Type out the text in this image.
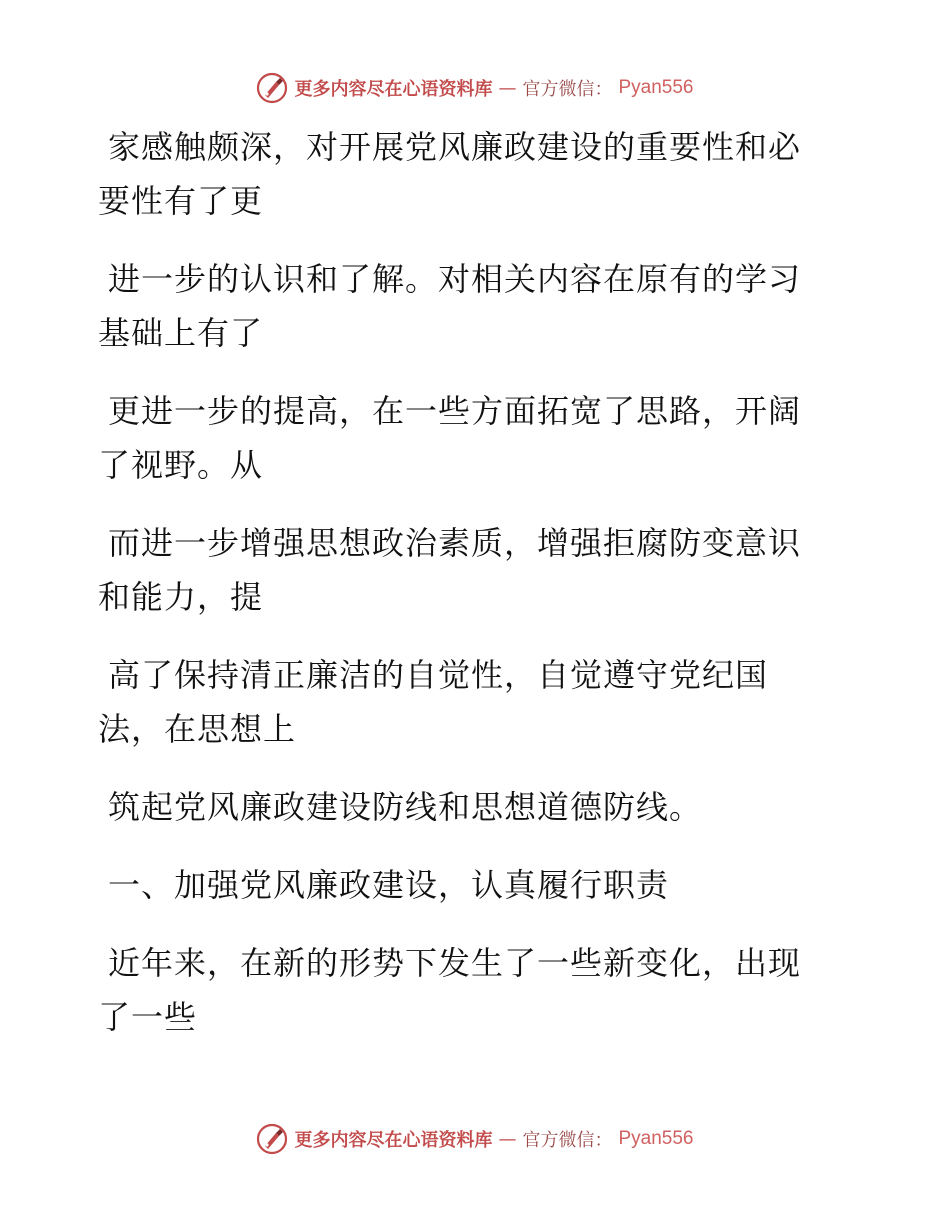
更多内容尽在心语资料库 — 官方微信： Pyan556
家感触颇深，对开展党风廉政建设的重要性和必
要性有了更
进一步的认识和了解。对相关内容在原有的学习
基础上有了
更进一步的提高，在一些方面拓宽了思路，开阔
了视野。从
而进一步增强思想政治素质，增强拒腐防变意识
和能力，提
高了保持清正廉洁的自觉性，自觉遵守党纪国
法，在思想上
筑起党风廉政建设防线和思想道德防线。
一、加强党风廉政建设，认真履行职责
近年来，在新的形势下发生了一些新变化，出现
了一些
更多内容尽在心语资料库 — 官方微信： Pyan556
